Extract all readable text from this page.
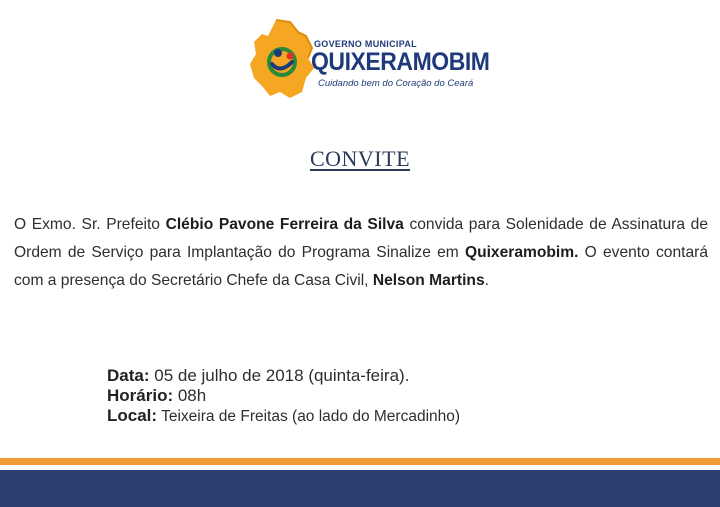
GOVERNO MUNICIPAL
QUIXERAMOBIM
Cuidando bem do Coração do Ceará
CONVITE
O Exmo. Sr. Prefeito Clébio Pavone Ferreira da Silva convida para Solenidade de Assinatura de Ordem de Serviço para Implantação do Programa Sinalize em Quixeramobim. O evento contará com a presença do Secretário Chefe da Casa Civil, Nelson Martins.
Data: 05 de julho de 2018 (quinta-feira).
Horário: 08h
Local: Teixeira de Freitas (ao lado do Mercadinho)
